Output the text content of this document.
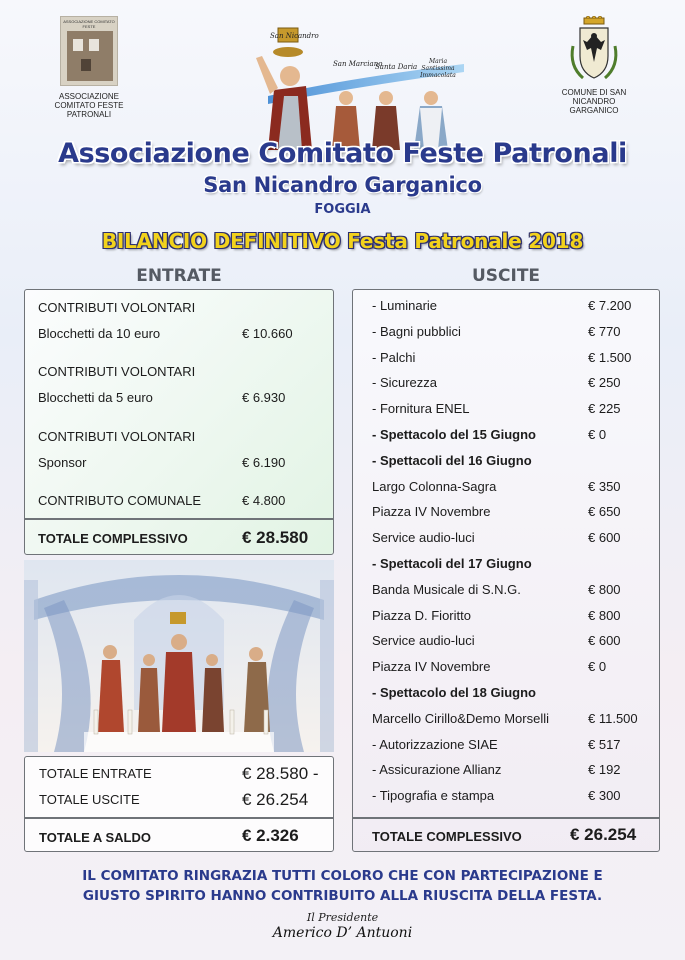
ASSOCIAZIONE COMITATO FESTE
ASSOCIAZIONE COMITATO FESTE PATRONALI
COMUNE DI SAN NICANDRO GARGANICO
San Nicandro
San Marciano
Santa Daria
Maria Santissima Immacolata
Associazione Comitato Feste Patronali
San Nicandro Garganico
FOGGIA
BILANCIO DEFINITIVO Festa Patronale 2018
ENTRATE
CONTRIBUTI VOLONTARI
Blocchetti da 10 euro	€ 10.660
CONTRIBUTI VOLONTARI
Blocchetti da 5 euro	€ 6.930
CONTRIBUTI VOLONTARI
Sponsor	€ 6.190
CONTRIBUTO COMUNALE	€ 4.800
TOTALE COMPLESSIVO	€ 28.580
TOTALE ENTRATE	€ 28.580 -
TOTALE USCITE	€ 26.254
TOTALE A SALDO	€ 2.326
USCITE
- Luminarie	€ 7.200
- Bagni pubblici	€ 770
- Palchi	€ 1.500
- Sicurezza	€ 250
- Fornitura ENEL	€ 225
- Spettacolo del 15 Giugno	€ 0
- Spettacoli del 16 Giugno
Largo Colonna-Sagra	€ 350
Piazza IV Novembre	€ 650
Service audio-luci	€ 600
- Spettacoli del 17 Giugno
Banda Musicale di S.N.G.	€ 800
Piazza D. Fioritto	€ 800
Service audio-luci	€ 600
Piazza IV Novembre	€ 0
- Spettacolo del 18 Giugno
Marcello Cirillo&Demo Morselli	€ 11.500
- Autorizzazione SIAE	€ 517
- Assicurazione Allianz	€ 192
- Tipografia e stampa	€ 300
TOTALE COMPLESSIVO	€ 26.254
IL COMITATO RINGRAZIA TUTTI COLORO CHE CON PARTECIPAZIONE E
GIUSTO SPIRITO HANNO CONTRIBUITO ALLA RIUSCITA DELLA FESTA.
Il Presidente
Americo D’ Antuoni
